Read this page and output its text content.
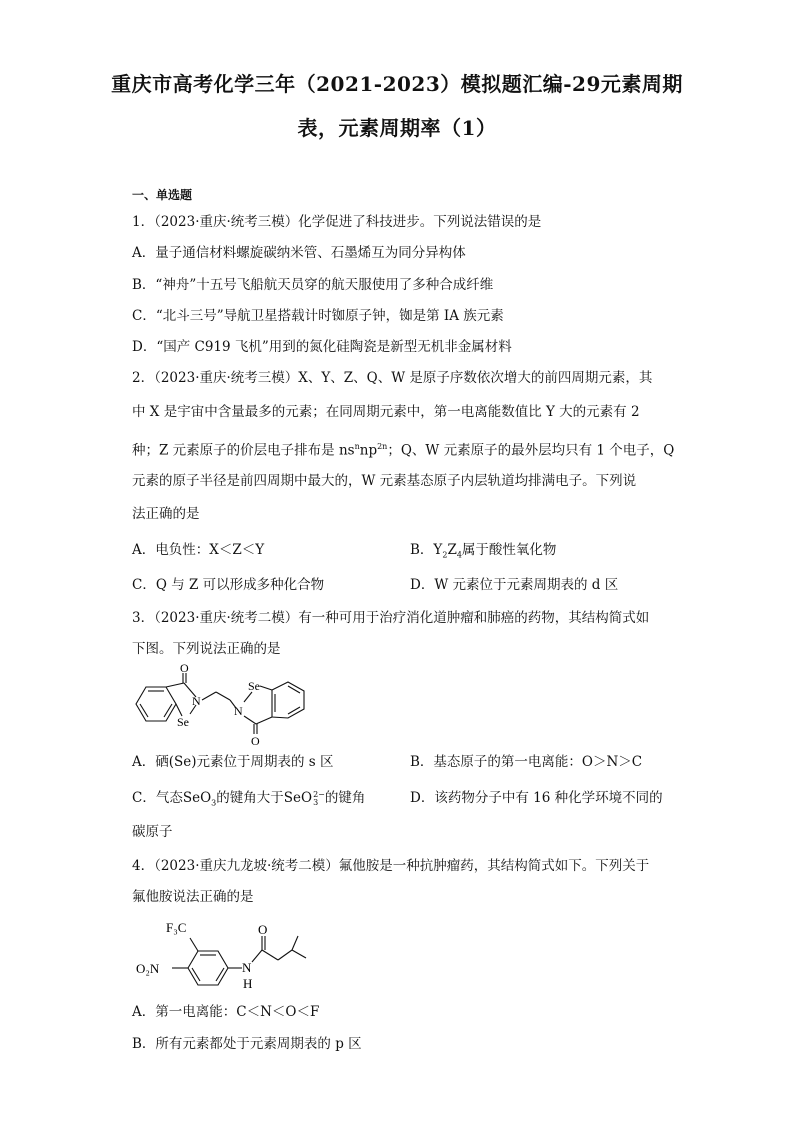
重庆市高考化学三年（2021-2023）模拟题汇编-29元素周期
表，元素周期率（1）
一、单选题
1．（2023·重庆·统考三模）化学促进了科技进步。下列说法错误的是
A．量子通信材料螺旋碳纳米管、石墨烯互为同分异构体
B．“神舟”十五号飞船航天员穿的航天服使用了多种合成纤维
C．“北斗三号”导航卫星搭载计时铷原子钟，铷是第 IA 族元素
D．“国产 C919 飞机”用到的氮化硅陶瓷是新型无机非金属材料
2．（2023·重庆·统考三模）X、Y、Z、Q、W 是原子序数依次增大的前四周期元素，其
中 X 是宇宙中含量最多的元素；在同周期元素中，第一电离能数值比 Y 大的元素有 2
种；Z 元素原子的价层电子排布是 $ns^nnp^{2n}$；Q、W 元素原子的最外层均只有 1 个电子，Q
元素的原子半径是前四周期中最大的，W 元素基态原子内层轨道均排满电子。下列说
法正确的是
A．电负性：X＜Z＜Y	B．$Y_2Z_4$属于酸性氧化物
C．Q 与 Z 可以形成多种化合物	D．W 元素位于元素周期表的 d 区
3．（2023·重庆·统考二模）有一种可用于治疗消化道肿瘤和肺癌的药物，其结构简式如
下图。下列说法正确的是
O
N
Se
N
Se
O
A．硒(Se)元素位于周期表的 s 区	B．基态原子的第一电离能：O＞N＞C
C．气态SeO$_3$的键角大于SeO 2−
3 的键角	D．该药物分子中有 16 种化学环境不同的
碳原子
4．（2023·重庆九龙坡·统考二模）氟他胺是一种抗肿瘤药，其结构简式如下。下列关于
氟他胺说法正确的是
F₃C
O₂N	N
H
O
A．第一电离能：C＜N＜O＜F
B．所有元素都处于元素周期表的 p 区
